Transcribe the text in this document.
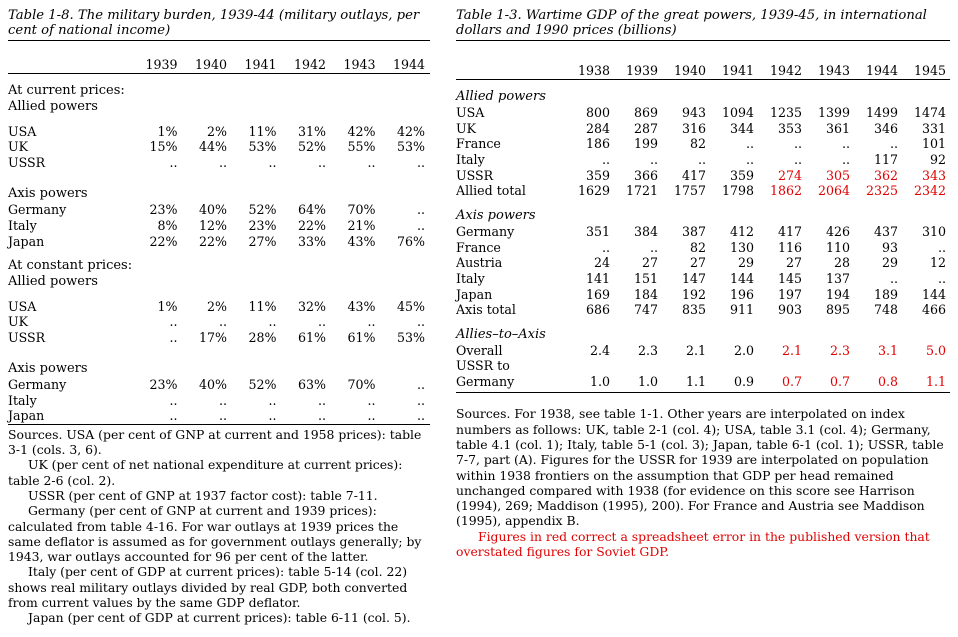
Table 1-8. The military burden, 1939-44 (military outlays, per cent of national income)
1939	1940	1941	1942	1943	1944
At current prices:
Allied powers
USA	1%	2%	11%	31%	42%	42%
UK	15%	44%	53%	52%	55%	53%
USSR	..	..	..	..	..	..
Axis powers
Germany	23%	40%	52%	64%	70%	..
Italy	8%	12%	23%	22%	21%	..
Japan	22%	22%	27%	33%	43%	76%
At constant prices:
Allied powers
USA	1%	2%	11%	32%	43%	45%
UK	..	..	..	..	..	..
USSR	..	17%	28%	61%	61%	53%
Axis powers
Germany	23%	40%	52%	63%	70%	..
Italy	..	..	..	..	..	..
Japan	..	..	..	..	..	..

Sources. USA (per cent of GNP at current and 1958 prices): table 3-1 (cols. 3, 6).

UK (per cent of net national expenditure at current prices): table 2-6 (col. 2).

USSR (per cent of GNP at 1937 factor cost): table 7-11.

Germany (per cent of GNP at current and 1939 prices): calculated from table 4-16. For war outlays at 1939 prices the same deflator is assumed as for government outlays generally; by 1943, war outlays accounted for 96 per cent of the latter.

Italy (per cent of GDP at current prices): table 5-14 (col. 22) shows real military outlays divided by real GDP, both converted from current values by the same GDP deflator.

Japan (per cent of GDP at current prices): table 6-11 (col. 5).

Table 1-3. Wartime GDP of the great powers, 1939-45, in international dollars and 1990 prices (billions)
1938	1939	1940	1941	1942	1943	1944	1945
Allied powers
USA	800	869	943	1094	1235	1399	1499	1474
UK	284	287	316	344	353	361	346	331
France	186	199	82	..	..	..	..	101
Italy	..	..	..	..	..	..	117	92
USSR	359	366	417	359	274	305	362	343
Allied total	1629	1721	1757	1798	1862	2064	2325	2342
Axis powers
Germany	351	384	387	412	417	426	437	310
France	..	..	82	130	116	110	93	..
Austria	24	27	27	29	27	28	29	12
Italy	141	151	147	144	145	137	..	..
Japan	169	184	192	196	197	194	189	144
Axis total	686	747	835	911	903	895	748	466
Allies–to–Axis
Overall	2.4	2.3	2.1	2.0	2.1	2.3	3.1	5.0
USSR to
Germany	1.0	1.0	1.1	0.9	0.7	0.7	0.8	1.1

Sources. For 1938, see table 1-1. Other years are interpolated on index numbers as follows: UK, table 2-1 (col. 4); USA, table 3.1 (col. 4); Germany, table 4.1 (col. 1); Italy, table 5-1 (col. 3); Japan, table 6-1 (col. 1); USSR, table 7-7, part (A). Figures for the USSR for 1939 are interpolated on population within 1938 frontiers on the assumption that GDP per head remained unchanged compared with 1938 (for evidence on this score see Harrison (1994), 269; Maddison (1995), 200). For France and Austria see Maddison (1995), appendix B.

Figures in red correct a spreadsheet error in the published version that overstated figures for Soviet GDP.
